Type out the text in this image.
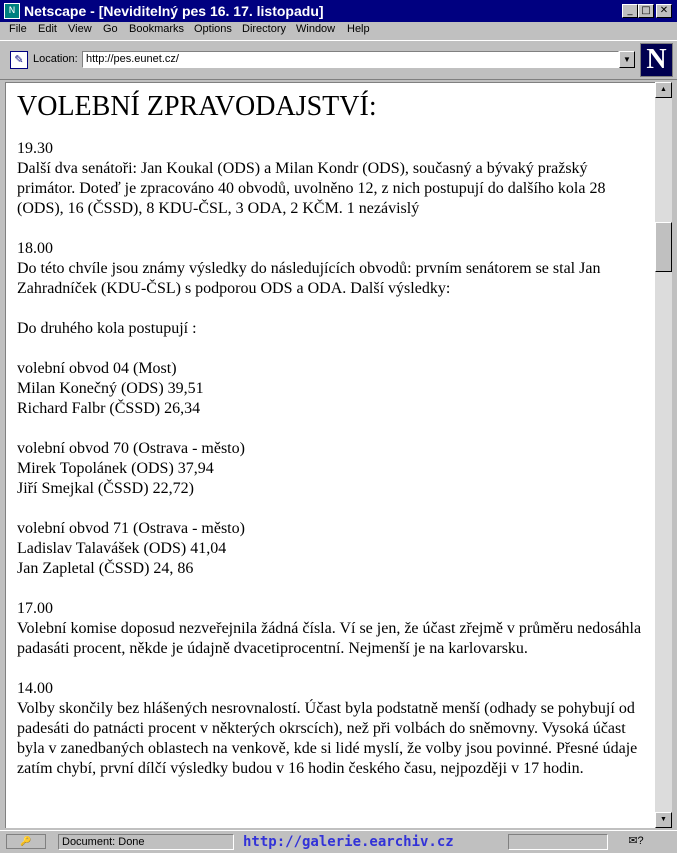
N Netscape - [Neviditelný pes 16. 17. listopadu]	_ □ ✕
File Edit View Go Bookmarks Options Directory Window Help
✎ Location: http://pes.eunet.cz/	▼ N
VOLEBNÍ ZPRAVODAJSTVÍ:

19.30
Další dva senátoři: Jan Koukal (ODS) a Milan Kondr (ODS), současný a bývaký pražský primátor. Doteď je zpracováno 40 obvodů, uvolněno 12, z nich postupují do dalšího kola 28 (ODS), 16 (ČSSD), 8 KDU-ČSL, 3 ODA, 2 KČM. 1 nezávislý

18.00
Do této chvíle jsou známy výsledky do následujících obvodů: prvním senátorem se stal Jan Zahradníček (KDU-ČSL) s podporou ODS a ODA. Další výsledky:

Do druhého kola postupují :

volební obvod 04 (Most)
Milan Konečný (ODS) 39,51
Richard Falbr (ČSSD) 26,34

volební obvod 70 (Ostrava - město)
Mirek Topolánek (ODS) 37,94
Jiří Smejkal (ČSSD) 22,72)

volební obvod 71 (Ostrava - město)
Ladislav Talavášek (ODS) 41,04
Jan Zapletal (ČSSD) 24, 86

17.00
Volební komise doposud nezveřejnila žádná čísla. Ví se jen, že účast zřejmě v průměru nedosáhla padasáti procent, někde je údajně dvacetiprocentní. Nejmenší je na karlovarsku.

14.00
Volby skončily bez hlášených nesrovnalostí. Účast byla podstatně menší (odhady se pohybují od padesáti do patnácti procent v některých okrscích), než při volbách do sněmovny. Vysoká účast byla v zanedbaných oblastech na venkově, kde si lidé myslí, že volby jsou povinné. Přesné údaje zatím chybí, první dílčí výsledky budou v 16 hodin českého času, nejpozději v 17 hodin.

▲
▼
🔑	Document: Done	http://galerie.earchiv.cz	✉?
